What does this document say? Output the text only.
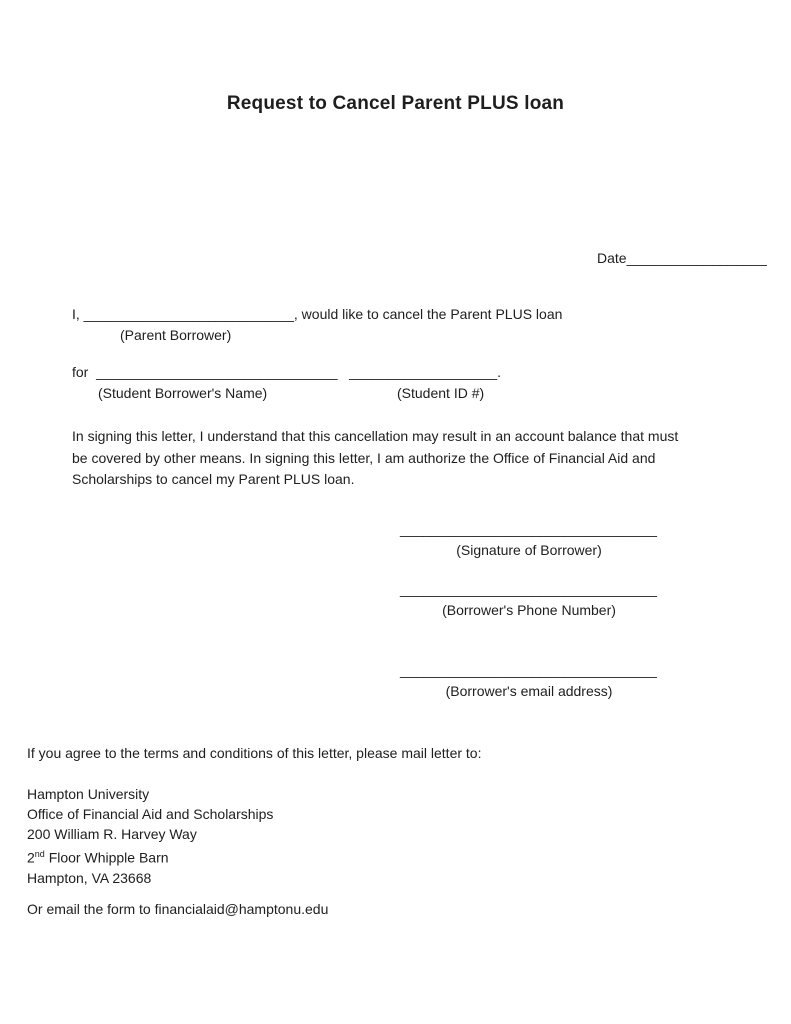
Request to Cancel Parent PLUS loan
Date__________________
I, ___________________________, would like to cancel the Parent PLUS loan
(Parent Borrower)
for  _______________________________ ___________________.
(Student Borrower's Name)	(Student ID #)
In signing this letter, I understand that this cancellation may result in an account balance that must
be covered by other means. In signing this letter, I am authorize the Office of Financial Aid and
Scholarships to cancel my Parent PLUS loan.
_________________________________
(Signature of Borrower)
_________________________________
(Borrower's Phone Number)
_________________________________
(Borrower's email address)
If you agree to the terms and conditions of this letter, please mail letter to:
Hampton University
Office of Financial Aid and Scholarships
200 William R. Harvey Way
2nd Floor Whipple Barn
Hampton, VA 23668
Or email the form to financialaid@hamptonu.edu
